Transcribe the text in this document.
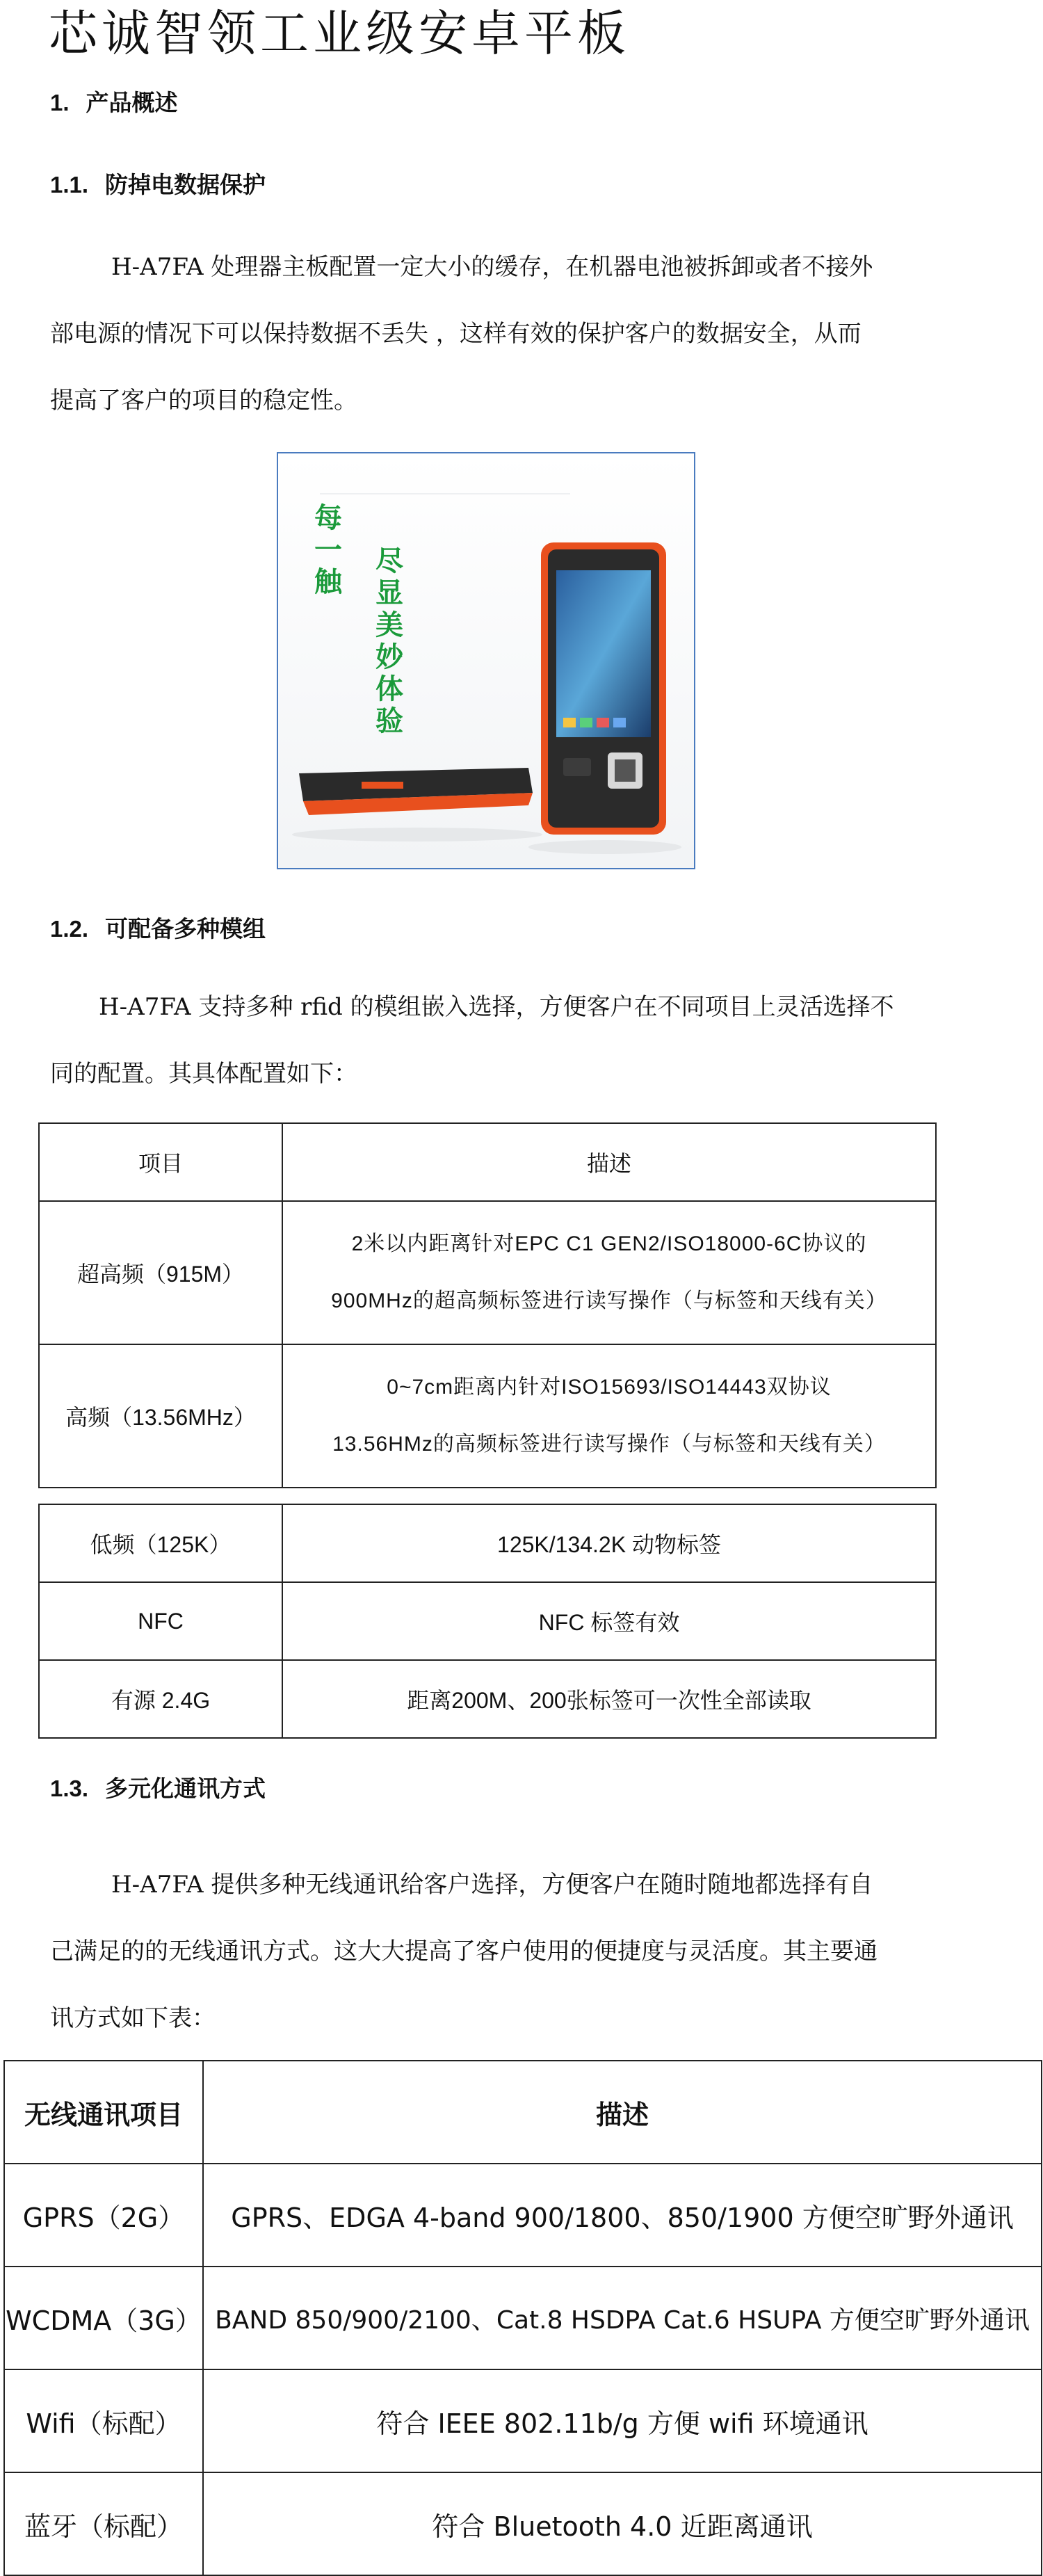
芯诚智领工业级安卓平板
1. 产品概述
1.1. 防掉电数据保护
H-A7FA 处理器主板配置一定大小的缓存，在机器电池被拆卸或者不接外
部电源的情况下可以保持数据不丢失 ，这样有效的保护客户的数据安全，从而
提高了客户的项目的稳定性。
每一触
尽显美妙体验
1.2. 可配备多种模组
H-A7FA 支持多种 rfid 的模组嵌入选择，方便客户在不同项目上灵活选择不
同的配置。其具体配置如下：
项目	描述
超高频（915M）	2米以内距离针对EPC C1 GEN2/ISO18000-6C协议的
900MHz的超高频标签进行读写操作（与标签和天线有关）

高频（13.56MHz）	0~7cm距离内针对ISO15693/ISO14443双协议
13.56HMz的高频标签进行读写操作（与标签和天线有关）
低频（125K）	125K/134.2K 动物标签
NFC	NFC 标签有效
有源 2.4G	距离200M、200张标签可一次性全部读取
1.3. 多元化通讯方式
H-A7FA 提供多种无线通讯给客户选择，方便客户在随时随地都选择有自
己满足的的无线通讯方式。这大大提高了客户使用的便捷度与灵活度。其主要通
讯方式如下表：
无线通讯项目	描述
GPRS（2G）	GPRS、EDGA 4-band 900/1800、850/1900 方便空旷野外通讯
WCDMA（3G）	BAND 850/900/2100、Cat.8 HSDPA Cat.6 HSUPA 方便空旷野外通讯
Wifi（标配）	符合 IEEE 802.11b/g 方便 wifi 环境通讯
蓝牙（标配）	符合 Bluetooth 4.0 近距离通讯
